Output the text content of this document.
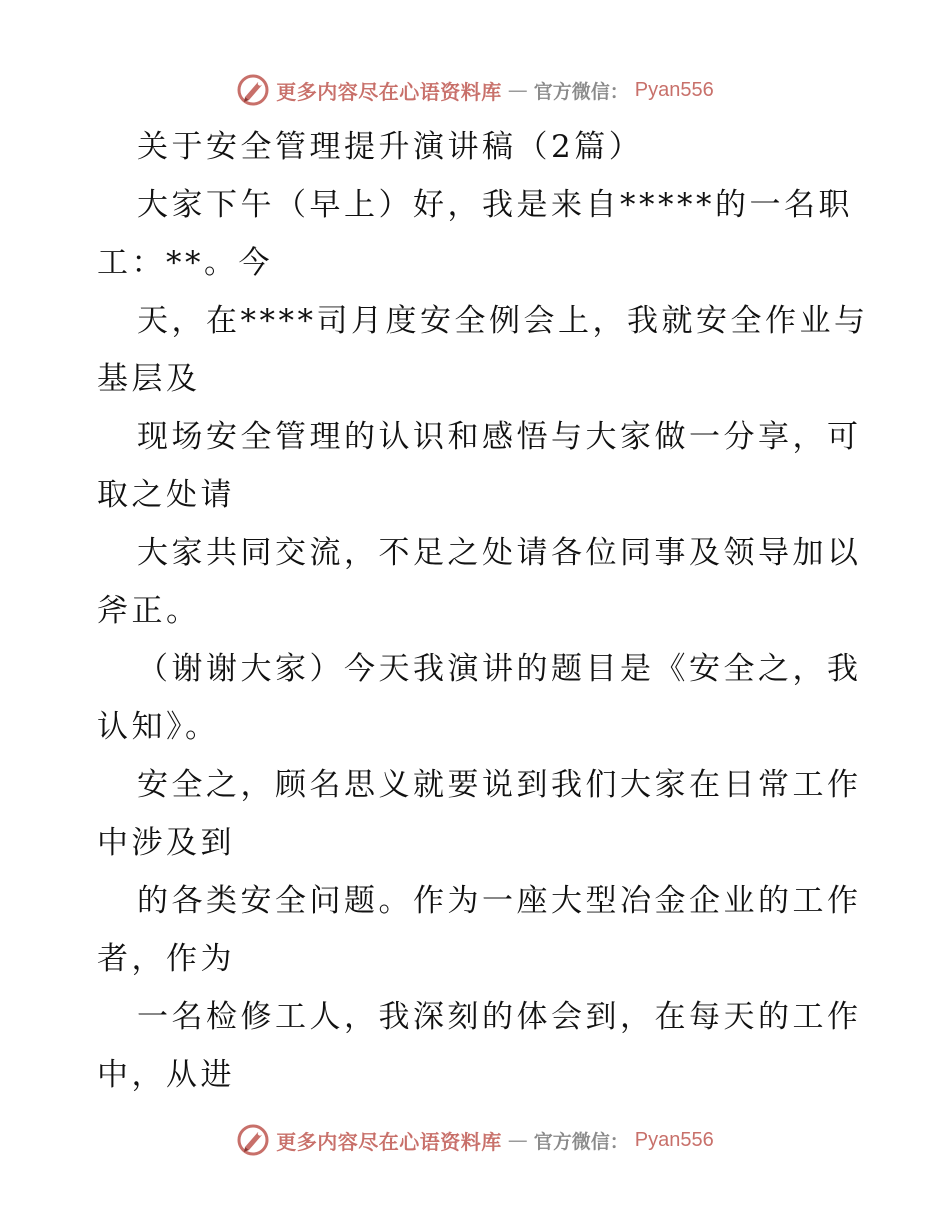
更多内容尽在心语资料库 — 官方微信： Pyan556
关于安全管理提升演讲稿（2篇）
大家下午（早上）好，我是来自*****的一名职
工：**。今
天，在****司月度安全例会上，我就安全作业与
基层及
现场安全管理的认识和感悟与大家做一分享，可
取之处请
大家共同交流，不足之处请各位同事及领导加以
斧正。
（谢谢大家）今天我演讲的题目是《安全之，我
认知》。
安全之，顾名思义就要说到我们大家在日常工作
中涉及到
的各类安全问题。作为一座大型冶金企业的工作
者，作为
一名检修工人，我深刻的体会到，在每天的工作
中，从进
更多内容尽在心语资料库 — 官方微信： Pyan556
